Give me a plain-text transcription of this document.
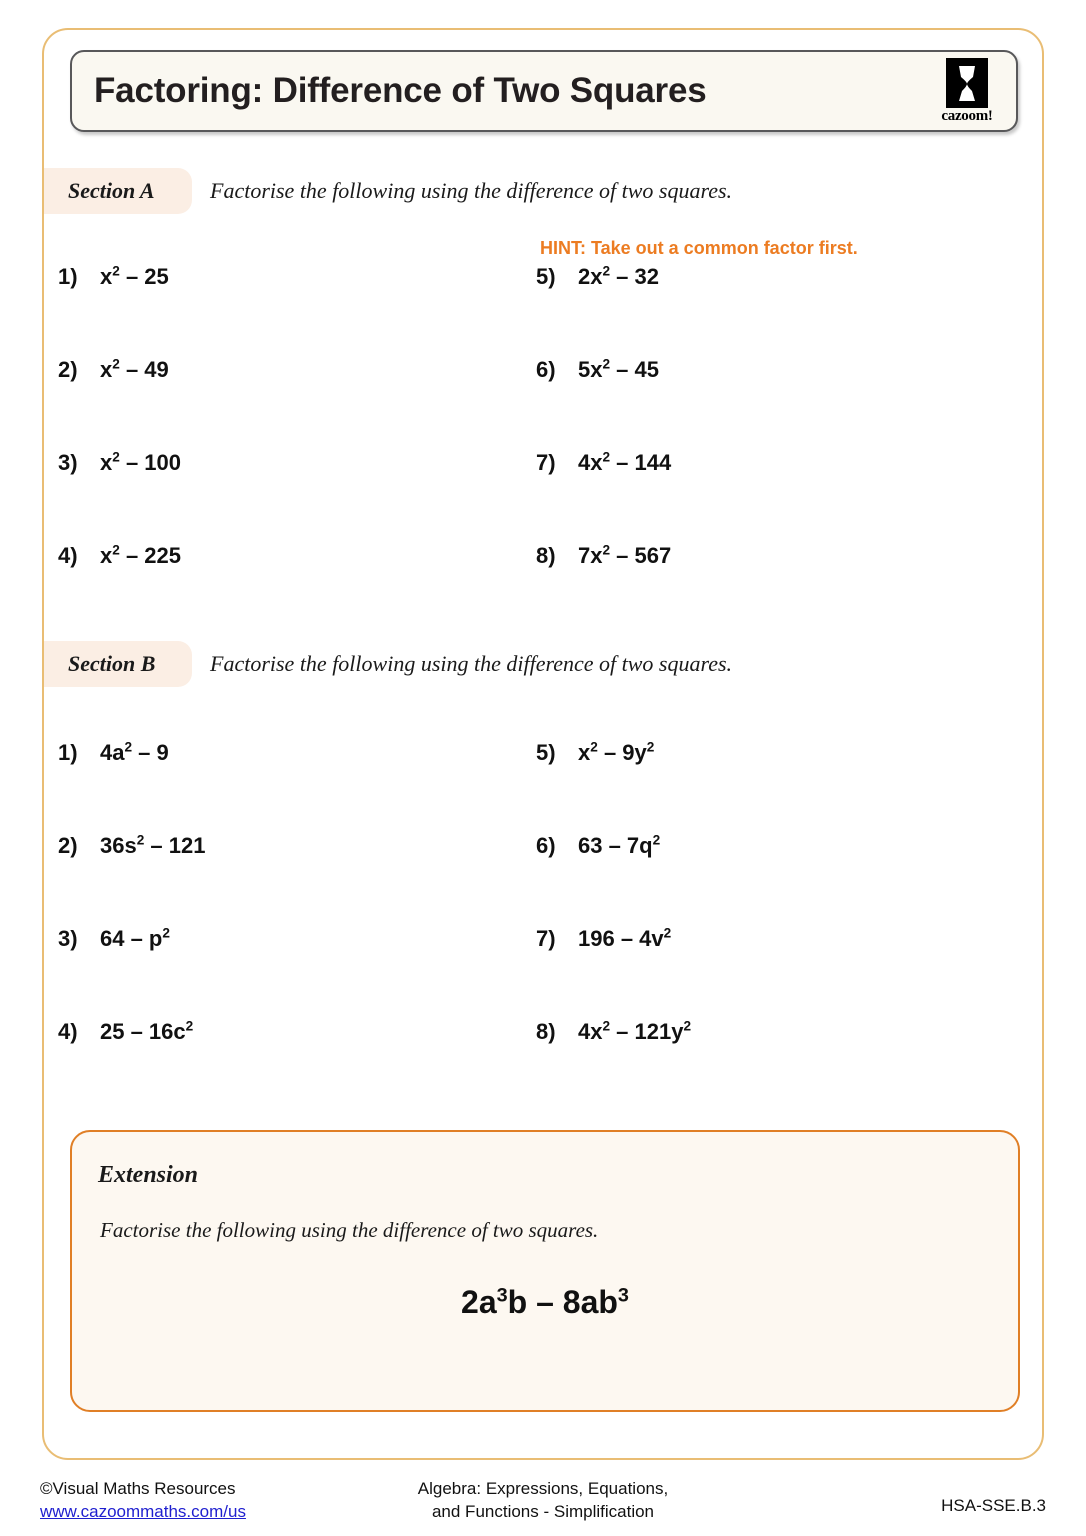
Factoring: Difference of Two Squares
cazoom!
Section A	Factorise the following using the difference of two squares.
HINT: Take out a common factor first.
1)	$x^2 - 25$
2)	$x^2 - 49$
3)	$x^2 - 100$
4)	$x^2 - 225$
5)	$2x^2 - 32$
6)	$5x^2 - 45$
7)	$4x^2 - 144$
8)	$7x^2 - 567$
Section B Factorise the following using the difference of two squares.
1)	$4a^2 - 9$
2)	$36s^2 - 121$
3)	$64 - p^2$
4)	$25 - 16c^2$
5)	$x^2 - 9y^2$
6)	$63 - 7q^2$
7)	$196 - 4v^2$
8)	$4x^2 - 121y^2$
Extension
Factorise the following using the difference of two squares.
$2a^3b - 8ab^3$
©Visual Maths Resources
www.cazoommaths.com/us
Algebra: Expressions, Equations,
and Functions - Simplification	HSA-SSE.B.3
